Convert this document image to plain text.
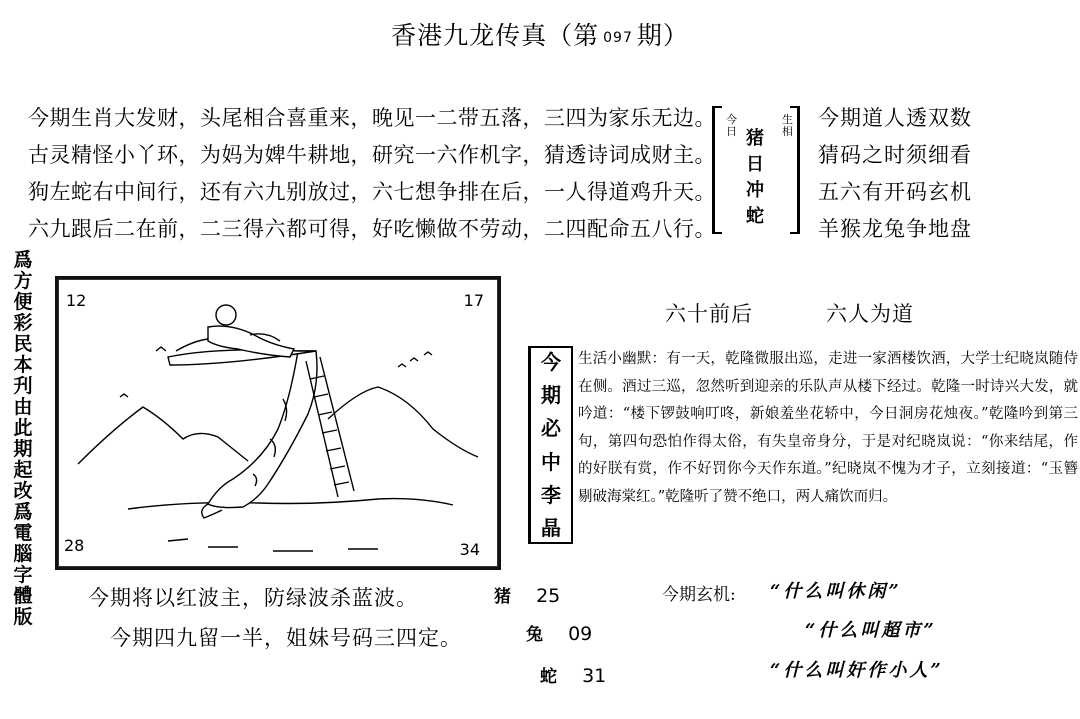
香港九龙传真（第 097 期）
今期生肖大发财，头尾相合喜重来，晚见一二带五落，三四为家乐无边。
古灵精怪小丫环，为妈为婢牛耕地，研究一六作机字，猜透诗词成财主。
狗左蛇右中间行，还有六九别放过，六七想争排在后，一人得道鸡升天。
六九跟后二在前，二三得六都可得，好吃懒做不劳动，二四配命五八行。
今
日
生
相
猪
日
冲
蛇
今期道人透双数
猜码之时须细看
五六有开码玄机
羊猴龙兔争地盘
爲
方
便
彩
民
本
刋
由
此
期
起
改
爲
電
腦
字
體
版
12	17
28	34
六十前后	六人为道
今
期
必
中
李
晶
生活小幽默：有一天，乾隆微服出巡，走进一家酒楼饮酒，大学士纪晓岚随侍在侧。酒过三巡，忽然听到迎亲的乐队声从楼下经过。乾隆一时诗兴大发，就吟道：“楼下锣鼓响叮咚，新娘羞坐花轿中，今日洞房花烛夜。”乾隆吟到第三句，第四句恐怕作得太俗，有失皇帝身分，于是对纪晓岚说：“你来结尾，作的好朕有赏，作不好罚你今天作东道。”纪晓岚不愧为才子，立刻接道：“玉簪剔破海棠红。”乾隆听了赞不绝口，两人痛饮而归。
今期将以红波主，防绿波杀蓝波。
今期四九留一半，姐妹号码三四定。
猪 25
兔 09
蛇 31
今期玄机: “什么叫休闲”
“什么叫超市”
“什么叫奸作小人”
